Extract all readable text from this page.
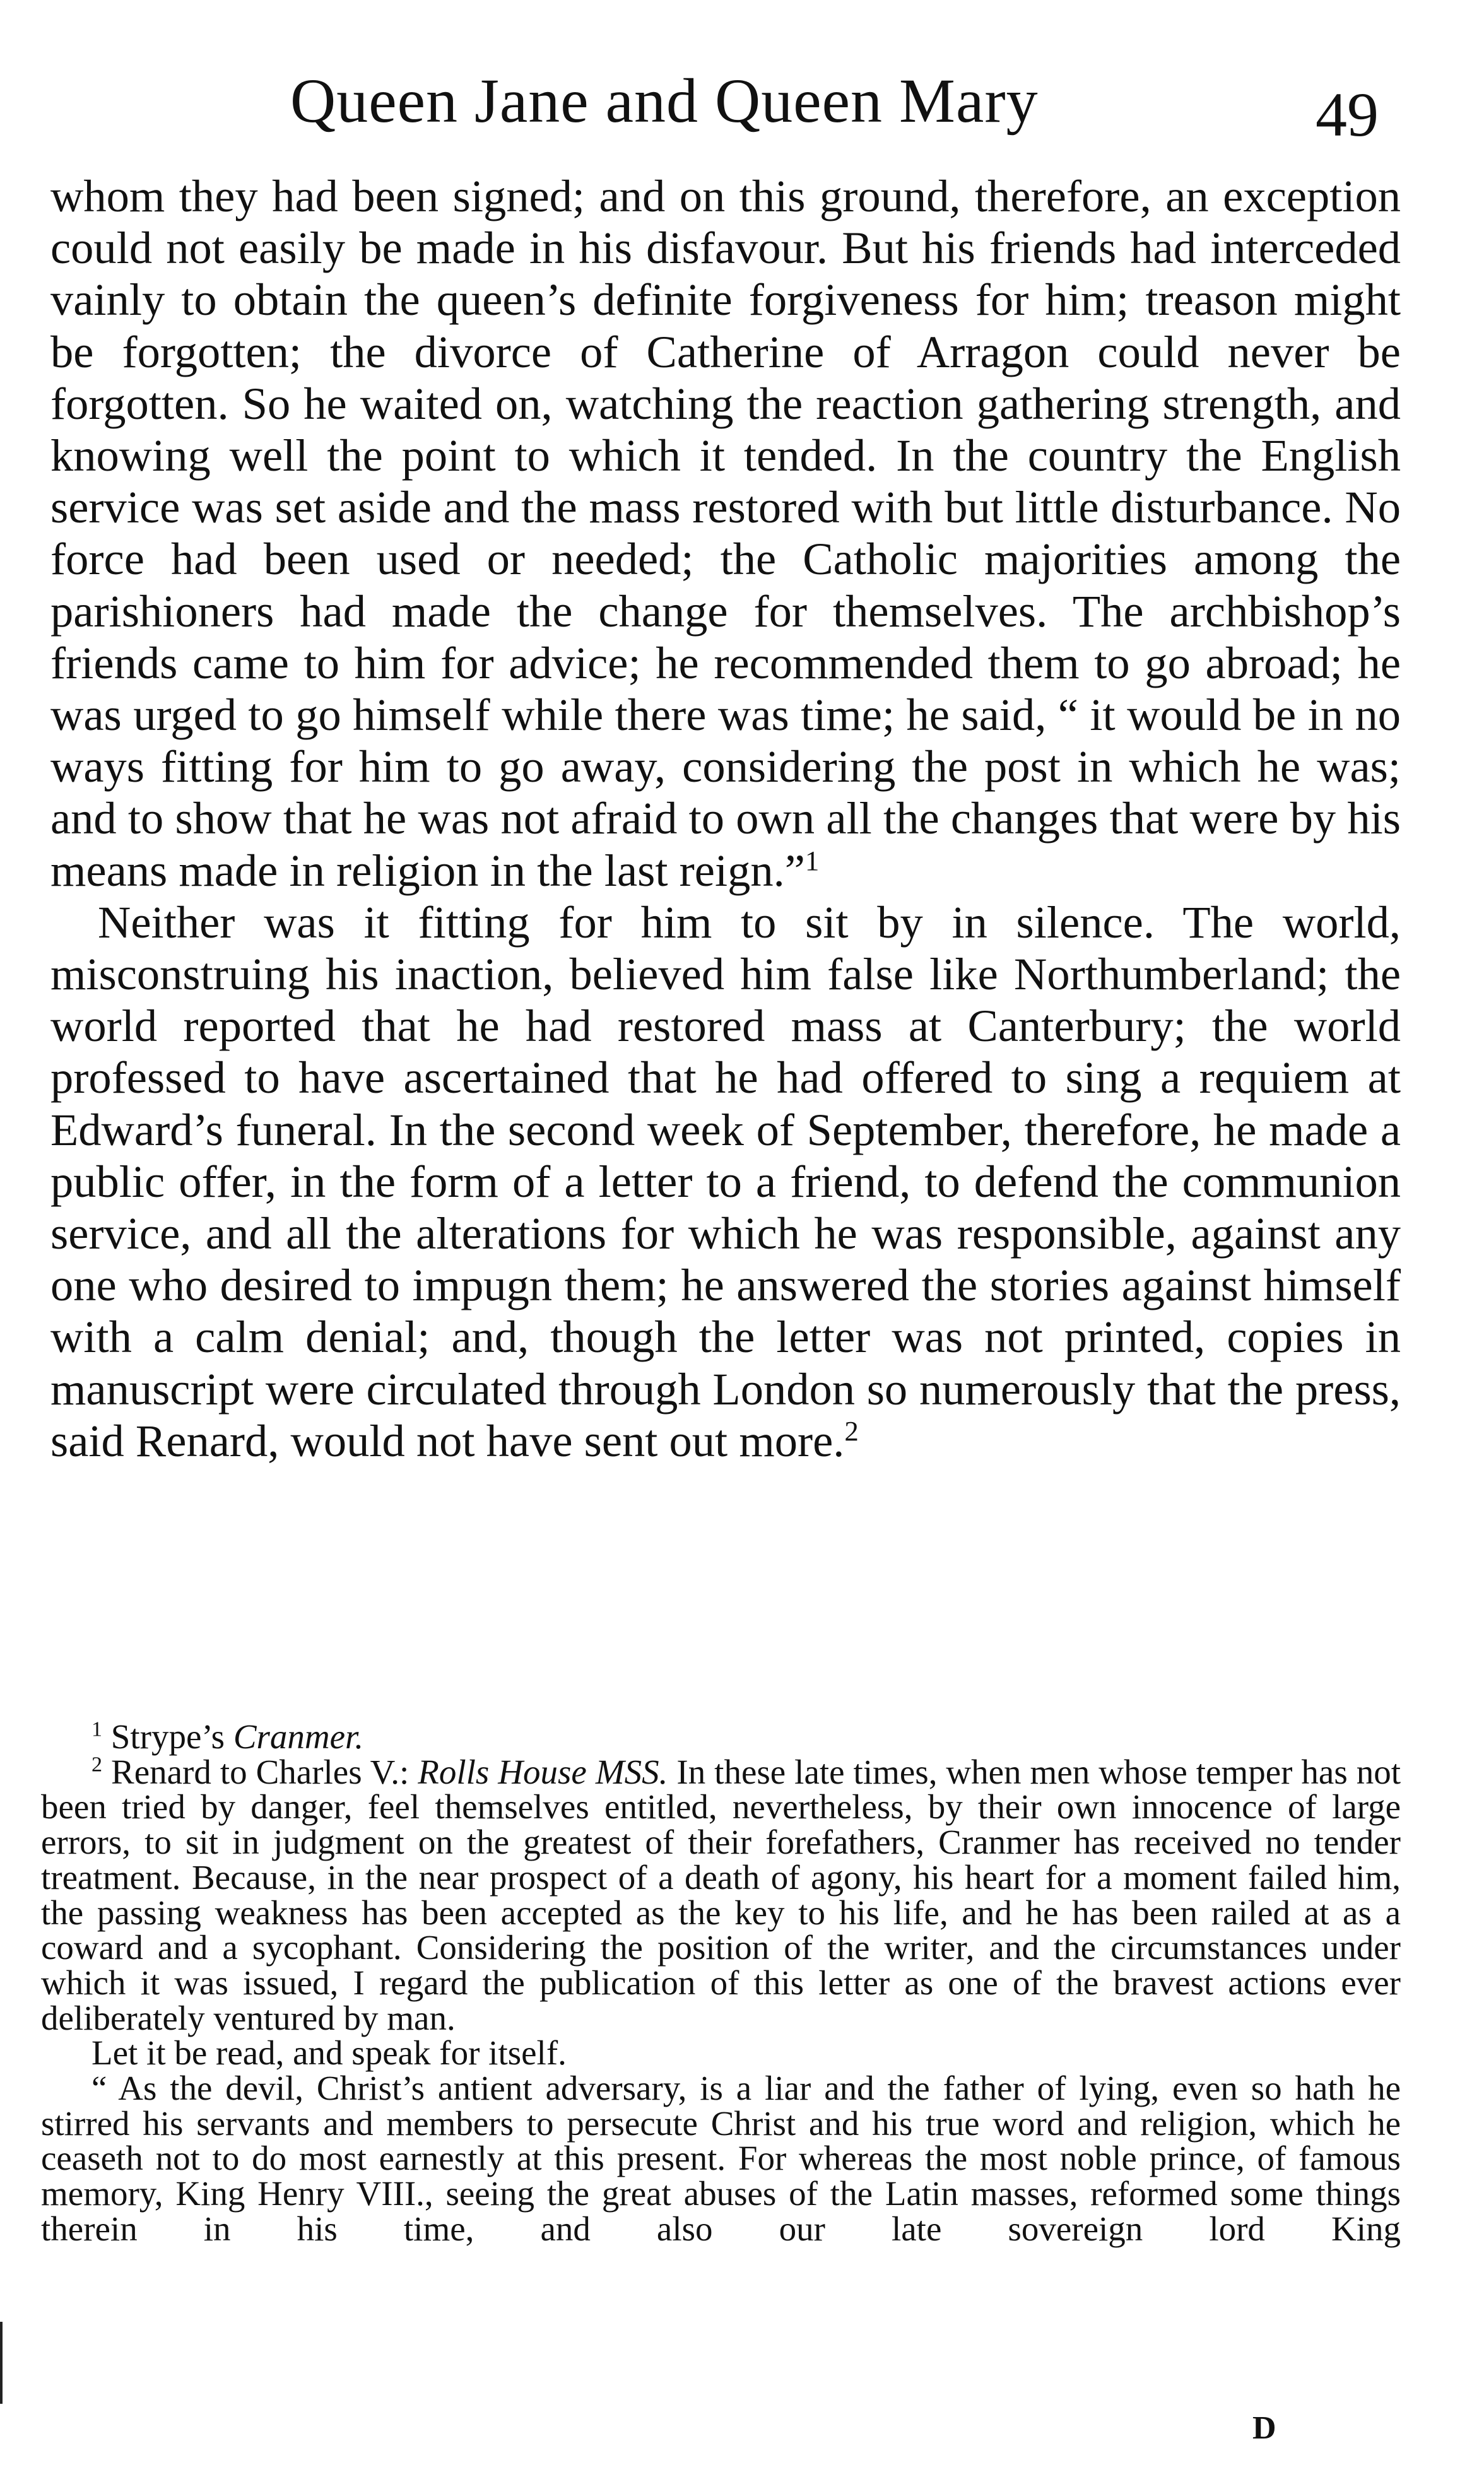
Queen Jane and Queen Mary	49

whom they had been signed; and on this ground, therefore, an exception could not easily be made in his disfavour. But his friends had interceded vainly to obtain the queen’s definite forgiveness for him; treason might be forgotten; the divorce of Catherine of Arragon could never be forgotten. So he waited on, watching the reaction gathering strength, and knowing well the point to which it tended. In the country the English service was set aside and the mass restored with but little disturbance. No force had been used or needed; the Catholic majorities among the parishioners had made the change for themselves. The archbishop’s friends came to him for advice; he recommended them to go abroad; he was urged to go himself while there was time; he said, “ it would be in no ways fitting for him to go away, considering the post in which he was; and to show that he was not afraid to own all the changes that were by his means made in religion in the last reign.”$^1$

Neither was it fitting for him to sit by in silence. The world, misconstruing his inaction, believed him false like Northumberland; the world reported that he had restored mass at Canterbury; the world professed to have ascertained that he had offered to sing a requiem at Edward’s funeral. In the second week of September, therefore, he made a public offer, in the form of a letter to a friend, to defend the communion service, and all the alterations for which he was responsible, against any one who desired to impugn them; he answered the stories against himself with a calm denial; and, though the letter was not printed, copies in manuscript were circulated through London so numerously that the press, said Renard, would not have sent out more.$^2$

$^1$ Strype’s Cranmer.

$^2$ Renard to Charles V.: Rolls House MSS. In these late times, when men whose temper has not been tried by danger, feel themselves entitled, nevertheless, by their own innocence of large errors, to sit in judgment on the greatest of their forefathers, Cranmer has received no tender treatment. Because, in the near prospect of a death of agony, his heart for a moment failed him, the passing weakness has been accepted as the key to his life, and he has been railed at as a coward and a sycophant. Considering the position of the writer, and the circumstances under which it was issued, I regard the publication of this letter as one of the bravest actions ever deliberately ventured by man.

Let it be read, and speak for itself.

“ As the devil, Christ’s antient adversary, is a liar and the father of lying, even so hath he stirred his servants and members to persecute Christ and his true word and religion, which he ceaseth not to do most earnestly at this present. For whereas the most noble prince, of famous memory, King Henry VIII., seeing the great abuses of the Latin masses, reformed some things therein in his time, and also our late sovereign lord King

D
